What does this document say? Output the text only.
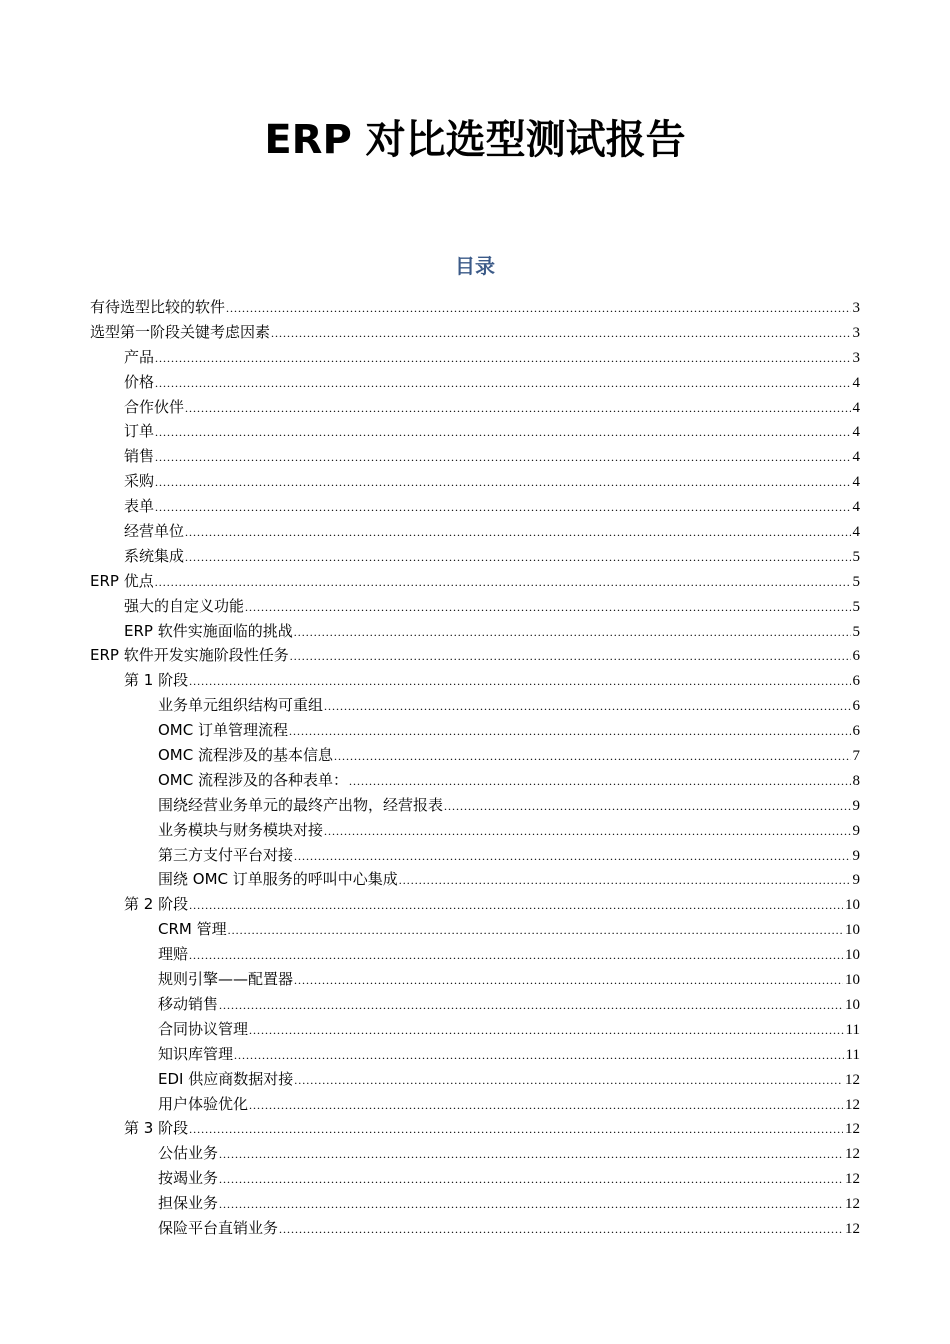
ERP 对比选型测试报告
目录
有待选型比较的软件 .....	3
选型第一阶段关键考虑因素 .....	3
产品 .....	3
价格 .....	4
合作伙伴 .....	4
订单 .....	4
销售 .....	4
采购 .....	4
表单 .....	4
经营单位 .....	4
系统集成 .....	5
ERP 优点 .....	5
强大的自定义功能 .....	5
ERP 软件实施面临的挑战 .....	5
ERP 软件开发实施阶段性任务 .....	6
第 1 阶段 .....	6
业务单元组织结构可重组 .....	6
OMC 订单管理流程 .....	6
OMC 流程涉及的基本信息 .....	7
OMC 流程涉及的各种表单： .....	8
围绕经营业务单元的最终产出物，经营报表 .....	9
业务模块与财务模块对接 .....	9
第三方支付平台对接 .....	9
围绕 OMC 订单服务的呼叫中心集成 .....	9
第 2 阶段 .....	10
CRM 管理 .....	10
理赔 .....	10
规则引擎——配置器 .....	10
移动销售 .....	10
合同协议管理 .....	11
知识库管理 .....	11
EDI 供应商数据对接 .....	12
用户体验优化 .....	12
第 3 阶段 .....	12
公估业务 .....	12
按竭业务 .....	12
担保业务 .....	12
保险平台直销业务 .....	12
